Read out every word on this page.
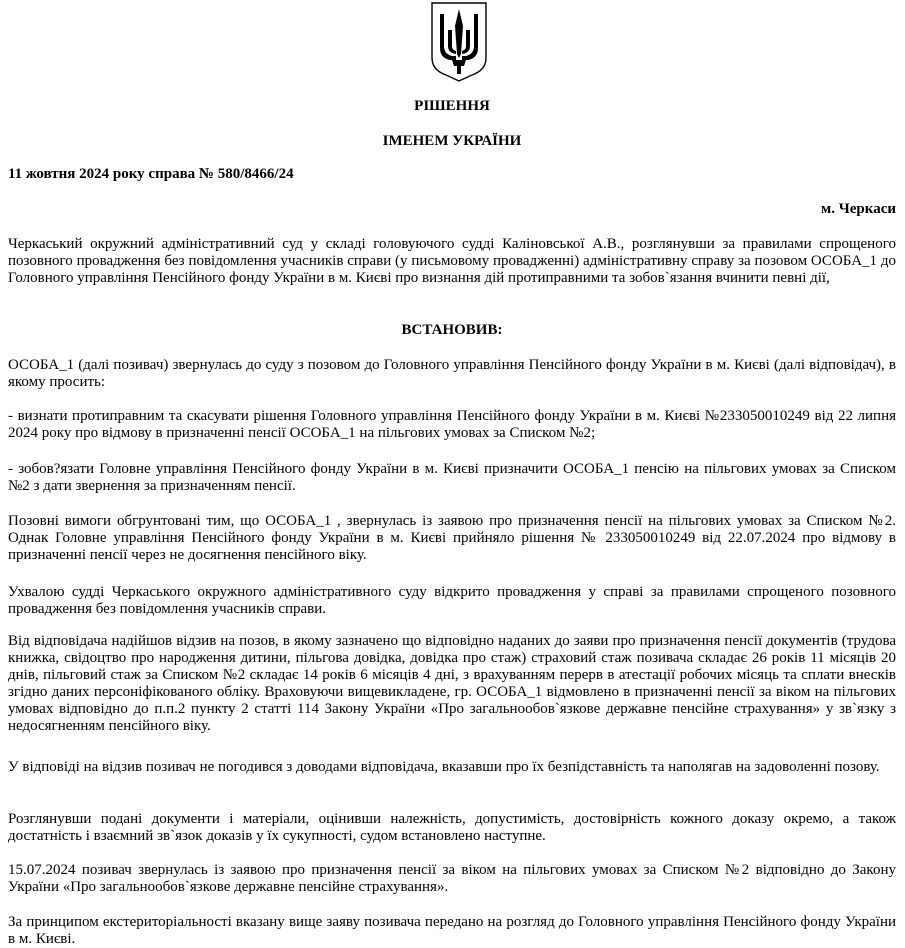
РІШЕННЯ
ІМЕНЕМ УКРАЇНИ
11 жовтня 2024 року справа № 580/8466/24
м. Черкаси

Черкаський окружний адміністративний суд у складі головуючого судді Каліновської А.В., розглянувши за правилами спрощеного позовного провадження без повідомлення учасників справи (у письмовому провадженні) адміністративну справу за позовом ОСОБА_1 до Головного управління Пенсійного фонду України в м. Києві про визнання дій протиправними та зобов`язання вчинити певні дії,

ВСТАНОВИВ:

ОСОБА_1 (далі позивач) звернулась до суду з позовом до Головного управління Пенсійного фонду України в м. Києві (далі відповідач), в якому просить:

- визнати протиправним та скасувати рішення Головного управління Пенсійного фонду України в м. Києві №233050010249 від 22 липня 2024 року про відмову в призначенні пенсії ОСОБА_1 на пільгових умовах за Списком №2;

- зобов?язати Головне управління Пенсійного фонду України в м. Києві призначити ОСОБА_1 пенсію на пільгових умовах за Списком №2 з дати звернення за призначенням пенсії.

Позовні вимоги обгрунтовані тим, що ОСОБА_1 , звернулась із заявою про призначення пенсії на пільгових умовах за Списком №2. Однак Головне управління Пенсійного фонду України в м. Києві прийняло рішення № 233050010249 від 22.07.2024 про відмову в призначенні пенсії через не досягнення пенсійного віку.

Ухвалою судді Черкаського окружного адміністративного суду відкрито провадження у справі за правилами спрощеного позовного провадження без повідомлення учасників справи.

Від відповідача надійшов відзив на позов, в якому зазначено що відповідно наданих до заяви про призначення пенсії документів (трудова книжка, свідоцтво про народження дитини, пільгова довідка, довідка про стаж) страховий стаж позивача складає 26 років 11 місяців 20 днів, пільговий стаж за Списком №2 складає 14 років 6 місяців 4 дні, з врахуванням перерв в атестації робочих місяць та сплати внесків згідно даних персоніфікованого обліку. Враховуючи вищевикладене, гр. ОСОБА_1 відмовлено в призначенні пенсії за віком на пільгових умовах відповідно до п.п.2 пункту 2 статті 114 Закону України «Про загальнообов`язкове державне пенсійне страхування» у зв`язку з недосягненням пенсійного віку.

У відповіді на відзив позивач не погодився з доводами відповідача, вказавши про їх безпідставність та наполягав на задоволенні позову.

Розглянувши подані документи і матеріали, оцінивши належність, допустимість, достовірність кожного доказу окремо, а також достатність і взаємний зв`язок доказів у їх сукупності, судом встановлено наступне.

15.07.2024 позивач звернулась із заявою про призначення пенсії за віком на пільгових умовах за Списком №2 відповідно до Закону України «Про загальнообов`язкове державне пенсійне страхування».

За принципом екстериторіальності вказану вище заяву позивача передано на розгляд до Головного управління Пенсійного фонду України в м. Києві.
